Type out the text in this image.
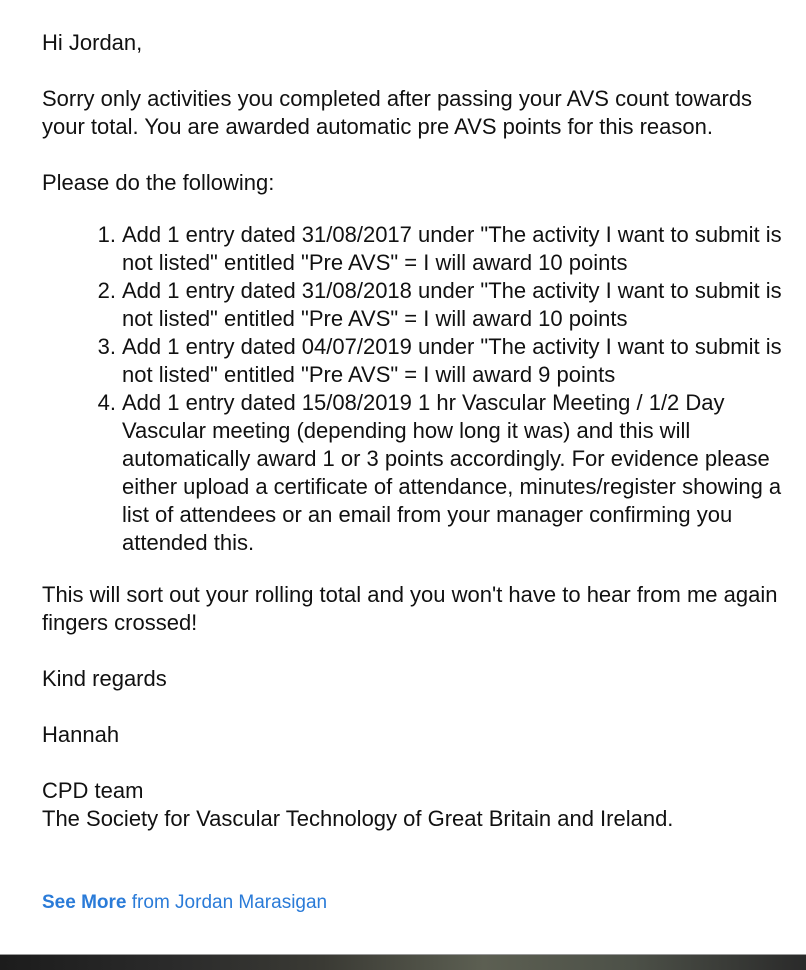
Hi Jordan,

Sorry only activities you completed after passing your AVS count towards your total. You are awarded automatic pre AVS points for this reason.

Please do the following:

1. Add 1 entry dated 31/08/2017 under "The activity I want to submit is not listed" entitled "Pre AVS" = I will award 10 points
2. Add 1 entry dated 31/08/2018 under "The activity I want to submit is not listed" entitled "Pre AVS" = I will award 10 points
3. Add 1 entry dated 04/07/2019 under "The activity I want to submit is not listed" entitled "Pre AVS" = I will award 9 points
4. Add 1 entry dated 15/08/2019 1 hr Vascular Meeting / 1/2 Day Vascular meeting (depending how long it was) and this will automatically award 1 or 3 points accordingly. For evidence please either upload a certificate of attendance, minutes/register showing a list of attendees or an email from your manager confirming you attended this.

This will sort out your rolling total and you won't have to hear from me again fingers crossed!

Kind regards

Hannah

CPD team

The Society for Vascular Technology of Great Britain and Ireland.

See More from Jordan Marasigan
